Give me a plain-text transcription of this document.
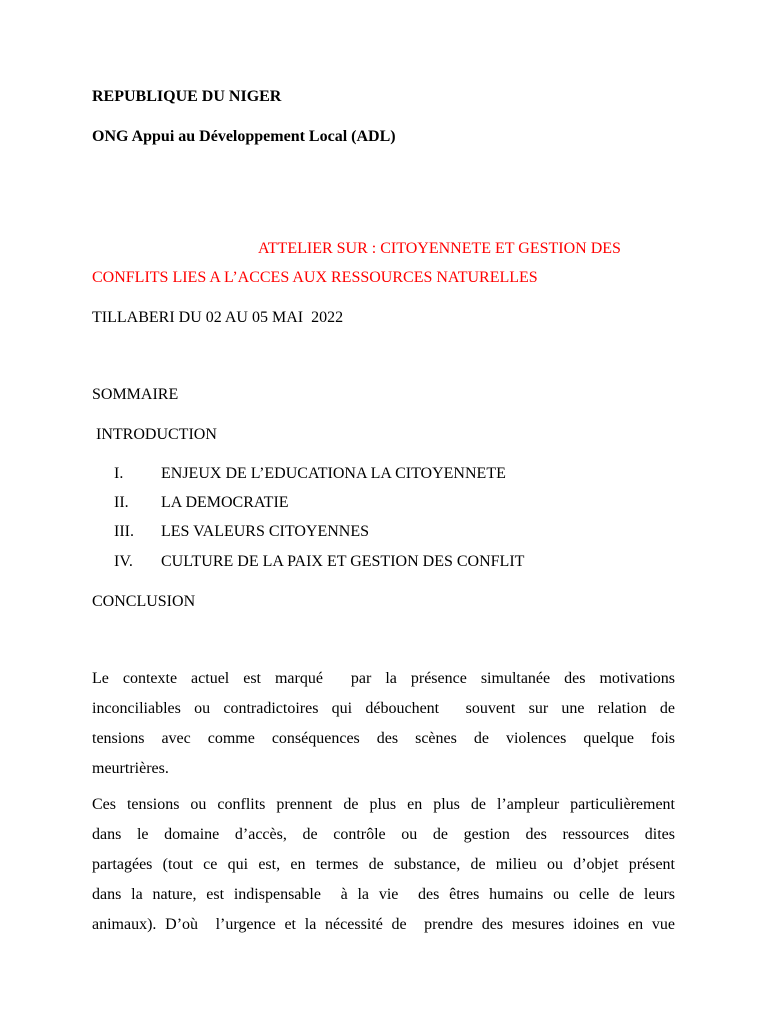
REPUBLIQUE DU NIGER
ONG Appui au Développement Local (ADL)
ATTELIER SUR : CITOYENNETE ET GESTION DES
CONFLITS LIES A L’ACCES AUX RESSOURCES NATURELLES
TILLABERI DU 02 AU 05 MAI  2022
SOMMAIRE
INTRODUCTION
I. ENJEUX DE L’EDUCATIONA LA CITOYENNETE
II. LA DEMOCRATIE
III. LES VALEURS CITOYENNES
IV. CULTURE DE LA PAIX ET GESTION DES CONFLIT
CONCLUSION
Le contexte actuel est marqué  par la présence simultanée des motivations
inconciliables ou contradictoires qui débouchent  souvent sur une relation de
tensions avec comme conséquences des scènes de violences quelque fois
meurtrières.
Ces tensions ou conflits prennent de plus en plus de l’ampleur particulièrement
dans le domaine d’accès, de contrôle ou de gestion des ressources dites
partagées (tout ce qui est, en termes de substance, de milieu ou d’objet présent
dans la nature, est indispensable  à la vie  des êtres humains ou celle de leurs
animaux). D’où  l’urgence et la nécessité de  prendre des mesures idoines en vue
